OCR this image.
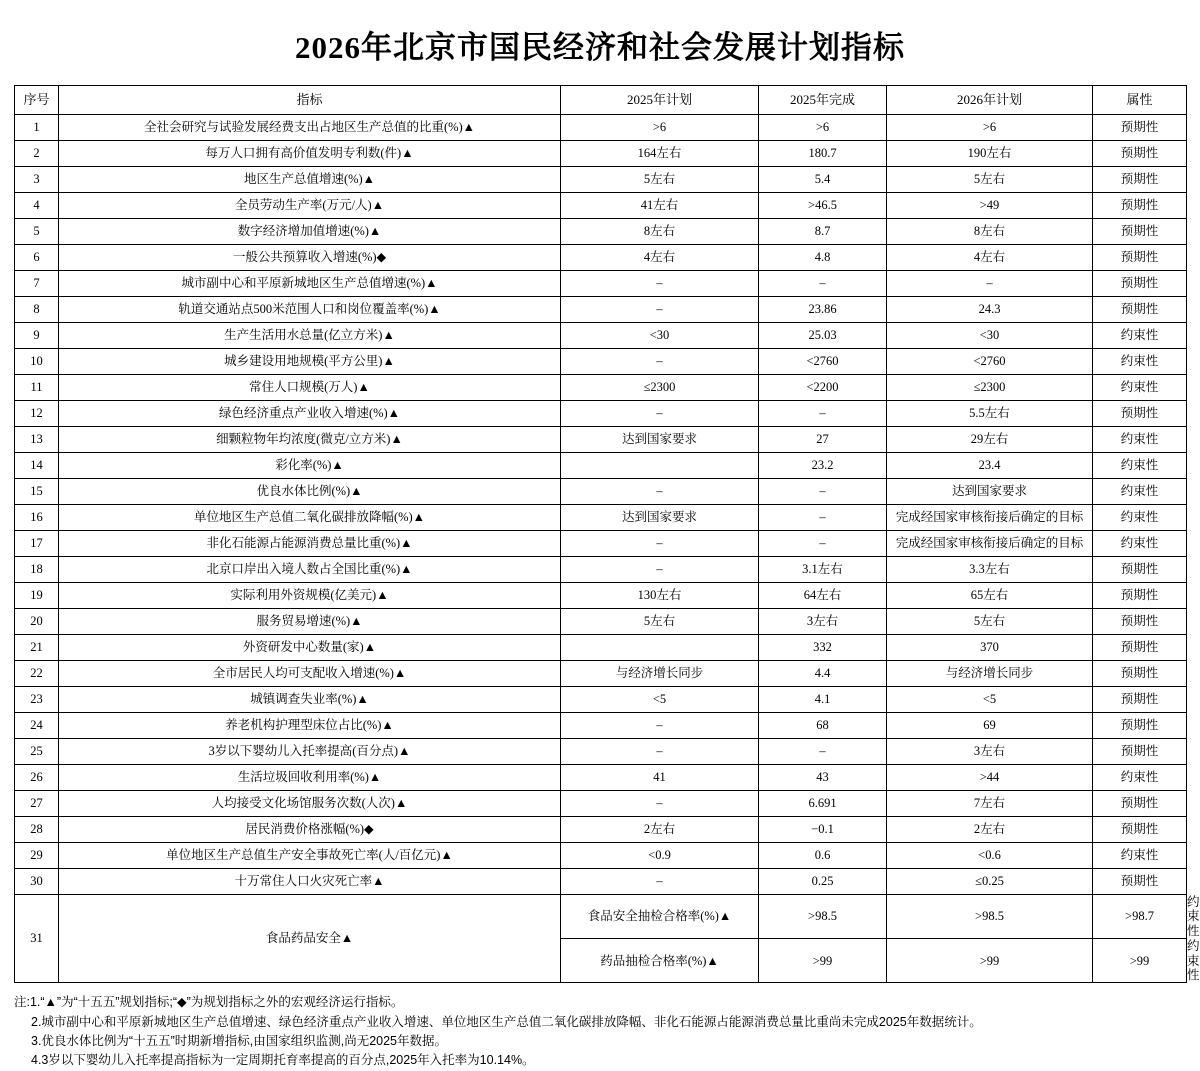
2026年北京市国民经济和社会发展计划指标
序号	指标	2025年计划	2025年完成	2026年计划	属性	
1	全社会研究与试验发展经费支出占地区生产总值的比重(%)▲	>6	>6	>6	预期性	
2	每万人口拥有高价值发明专利数(件)▲	164左右	180.7	190左右	预期性	
3	地区生产总值增速(%)▲	5左右	5.4	5左右	预期性	
4	全员劳动生产率(万元/人)▲	41左右	>46.5	>49	预期性	
5	数字经济增加值增速(%)▲	8左右	8.7	8左右	预期性	
6	一般公共预算收入增速(%)◆	4左右	4.8	4左右	预期性	
7	城市副中心和平原新城地区生产总值增速(%)▲	–	–	–	预期性	
8	轨道交通站点500米范围人口和岗位覆盖率(%)▲	–	23.86	24.3	预期性	
9	生产生活用水总量(亿立方米)▲	<30	25.03	<30	约束性	
10	城乡建设用地规模(平方公里)▲	–	<2760	<2760	约束性	
11	常住人口规模(万人)▲	≤2300	<2200	≤2300	约束性	
12	绿色经济重点产业收入增速(%)▲	–	–	5.5左右	预期性	
13	细颗粒物年均浓度(微克/立方米)▲	达到国家要求	27	29左右	约束性	
14	彩化率(%)▲		23.2	23.4	约束性	
15	优良水体比例(%)▲	–	–	达到国家要求	约束性	
16	单位地区生产总值二氧化碳排放降幅(%)▲	达到国家要求	–	完成经国家审核衔接后确定的目标	约束性	
17	非化石能源占能源消费总量比重(%)▲	–	–	完成经国家审核衔接后确定的目标	约束性	
18	北京口岸出入境人数占全国比重(%)▲	–	3.1左右	3.3左右	预期性	
19	实际利用外资规模(亿美元)▲	130左右	64左右	65左右	预期性	
20	服务贸易增速(%)▲	5左右	3左右	5左右	预期性	
21	外资研发中心数量(家)▲		332	370	预期性	
22	全市居民人均可支配收入增速(%)▲	与经济增长同步	4.4	与经济增长同步	预期性	
23	城镇调查失业率(%)▲	<5	4.1	<5	预期性	
24	养老机构护理型床位占比(%)▲	–	68	69	预期性	
25	3岁以下婴幼儿入托率提高(百分点)▲	–	–	3左右	预期性	
26	生活垃圾回收利用率(%)▲	41	43	>44	约束性	
27	人均接受文化场馆服务次数(人次)▲	–	6.691	7左右	预期性	
28	居民消费价格涨幅(%)◆	2左右	−0.1	2左右	预期性	
29	单位地区生产总值生产安全事故死亡率(人/百亿元)▲	<0.9	0.6	<0.6	约束性	
30	十万常住人口火灾死亡率▲	–	0.25	≤0.25	预期性	
31	食品药品安全▲	食品安全抽检合格率(%)▲	>98.5	>98.5	>98.7	约束性
		药品抽检合格率(%)▲	>99	>99	>99	约束性
注:1.“▲”为“十五五”规划指标;“◆”为规划指标之外的宏观经济运行指标。
2.城市副中心和平原新城地区生产总值增速、绿色经济重点产业收入增速、单位地区生产总值二氧化碳排放降幅、非化石能源占能源消费总量比重尚未完成2025年数据统计。
3.优良水体比例为“十五五”时期新增指标,由国家组织监测,尚无2025年数据。
4.3岁以下婴幼儿入托率提高指标为一定周期托育率提高的百分点,2025年入托率为10.14%。
